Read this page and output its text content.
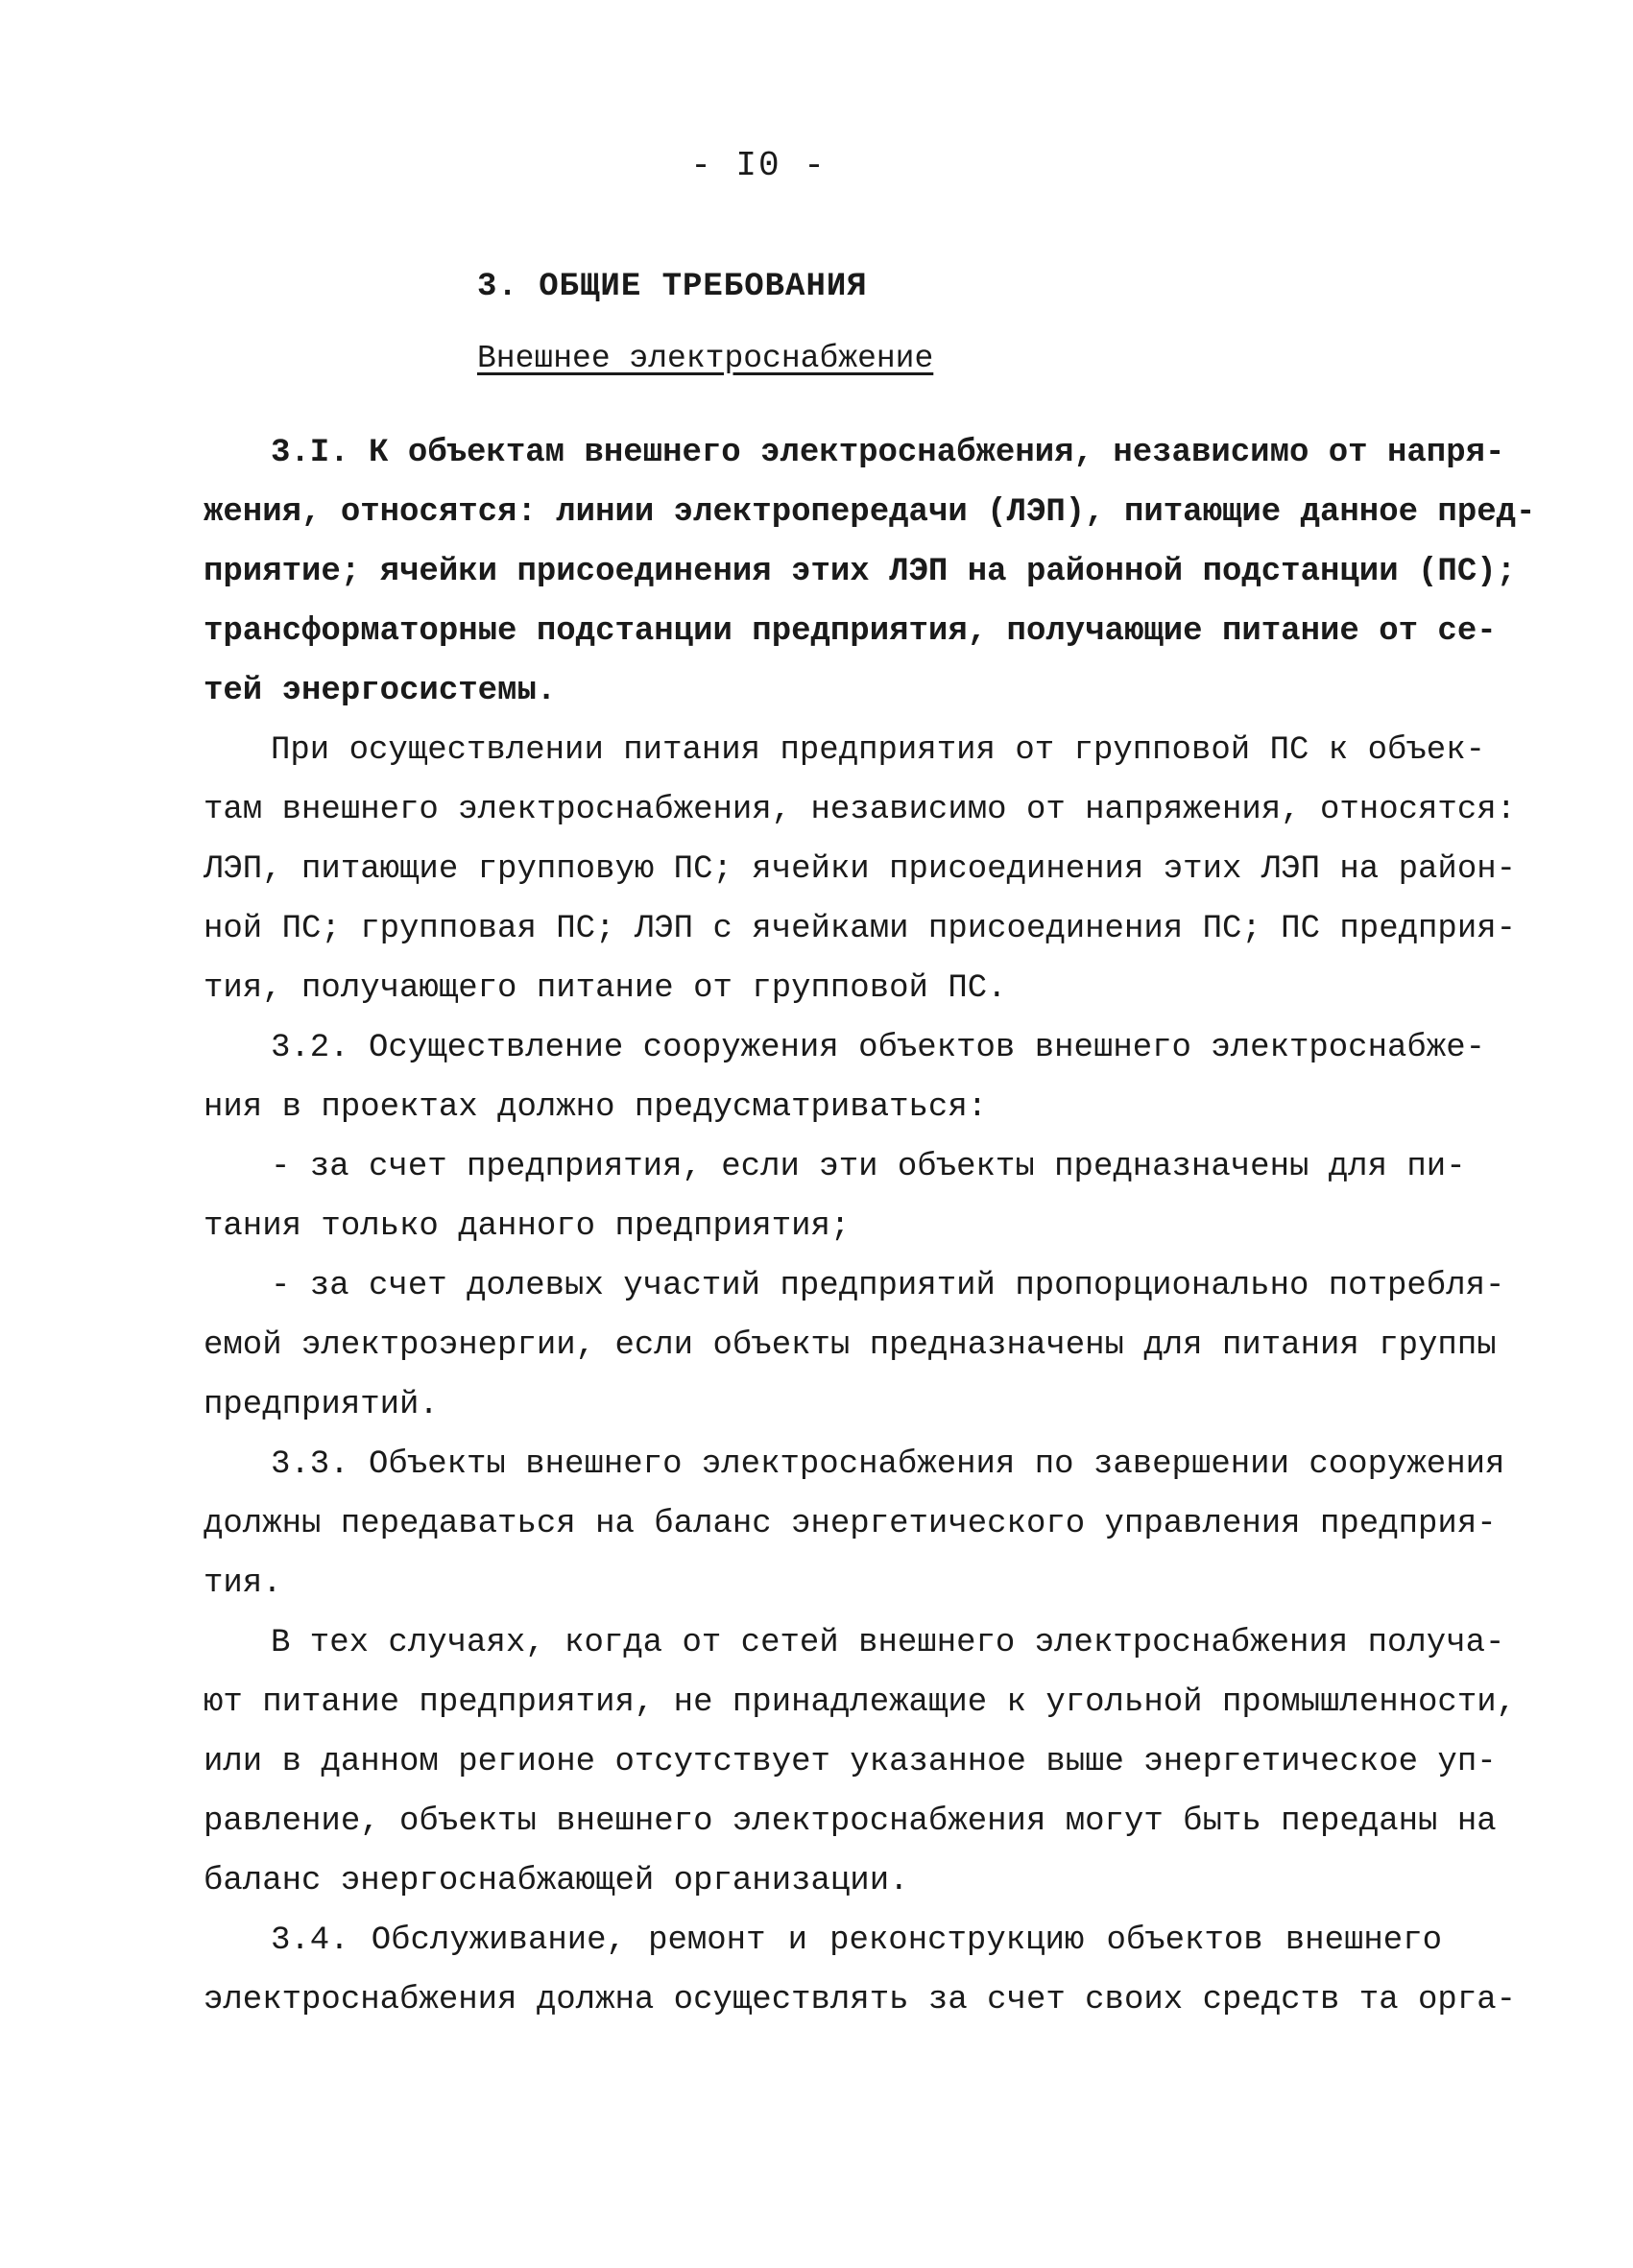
- I0 -
3. ОБЩИЕ ТРЕБОВАНИЯ
Внешнее электроснабжение
3.I. К объектам внешнего электроснабжения, независимо от напря-
жения, относятся: линии электропередачи (ЛЭП), питающие данное пред-
приятие; ячейки присоединения этих ЛЭП на районной подстанции (ПС);
трансформаторные подстанции предприятия, получающие питание от се-
тей энергосистемы.
При осуществлении питания предприятия от групповой ПС к объек-
там внешнего электроснабжения, независимо от напряжения, относятся:
ЛЭП, питающие групповую ПС; ячейки присоединения этих ЛЭП на район-
ной ПС; групповая ПС; ЛЭП с ячейками присоединения ПС; ПС предприя-
тия, получающего питание от групповой ПС.
3.2. Осуществление сооружения объектов внешнего электроснабже-
ния в проектах должно предусматриваться:
- за счет предприятия, если эти объекты предназначены для пи-
тания только данного предприятия;
- за счет долевых участий предприятий пропорционально потребля-
емой электроэнергии, если объекты предназначены для питания группы
предприятий.
3.3. Объекты внешнего электроснабжения по завершении сооружения
должны передаваться на баланс энергетического управления предприя-
тия.
В тех случаях, когда от сетей внешнего электроснабжения получа-
ют питание предприятия, не принадлежащие к угольной промышленности,
или в данном регионе отсутствует указанное выше энергетическое уп-
равление, объекты внешнего электроснабжения могут быть переданы на
баланс энергоснабжающей организации.
3.4. Обслуживание, ремонт и реконструкцию объектов внешнего
электроснабжения должна осуществлять за счет своих средств та орга-
